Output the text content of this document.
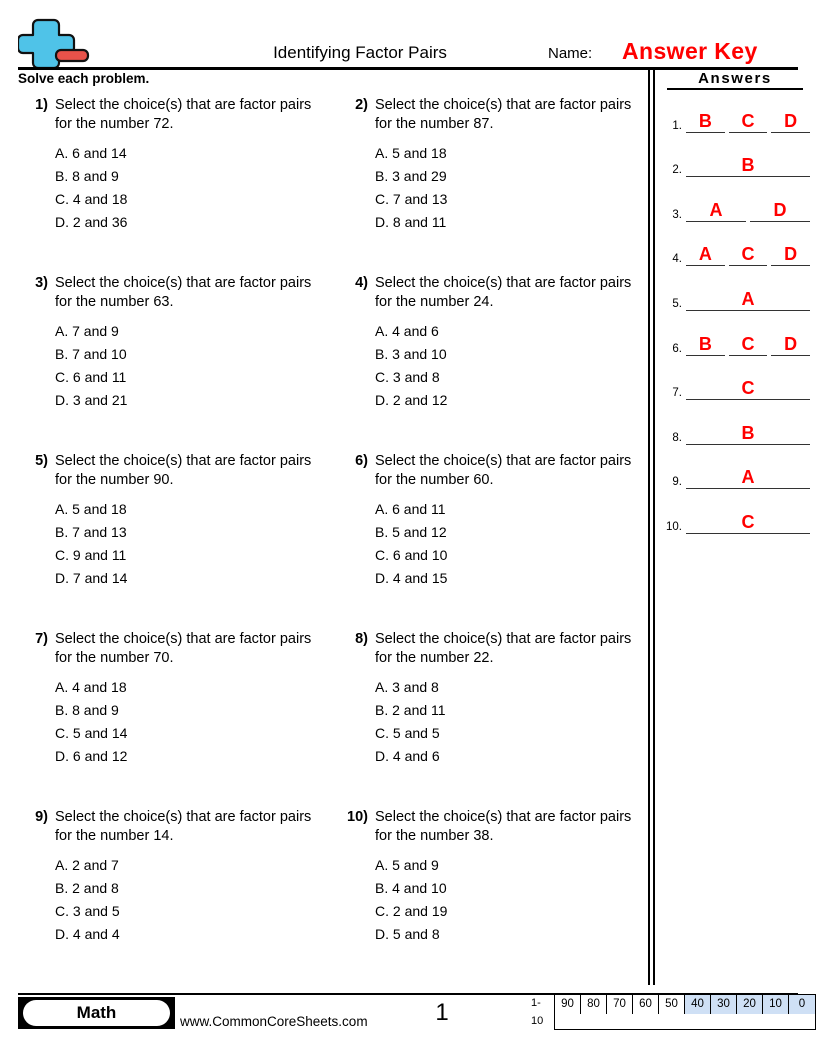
Identifying Factor Pairs	Name: Answer Key
Solve each problem.
1) Select the choice(s) that are factor pairs for the number 72.
A. 6 and 14
B. 8 and 9
C. 4 and 18
D. 2 and 36
2) Select the choice(s) that are factor pairs for the number 87.
A. 5 and 18
B. 3 and 29
C. 7 and 13
D. 8 and 11
3) Select the choice(s) that are factor pairs for the number 63.
A. 7 and 9
B. 7 and 10
C. 6 and 11
D. 3 and 21
4) Select the choice(s) that are factor pairs for the number 24.
A. 4 and 6
B. 3 and 10
C. 3 and 8
D. 2 and 12
5) Select the choice(s) that are factor pairs for the number 90.
A. 5 and 18
B. 7 and 13
C. 9 and 11
D. 7 and 14
6) Select the choice(s) that are factor pairs for the number 60.
A. 6 and 11
B. 5 and 12
C. 6 and 10
D. 4 and 15
7) Select the choice(s) that are factor pairs for the number 70.
A. 4 and 18
B. 8 and 9
C. 5 and 14
D. 6 and 12
8) Select the choice(s) that are factor pairs for the number 22.
A. 3 and 8
B. 2 and 11
C. 5 and 5
D. 4 and 6
9) Select the choice(s) that are factor pairs for the number 14.
A. 2 and 7
B. 2 and 8
C. 3 and 5
D. 4 and 4
10) Select the choice(s) that are factor pairs for the number 38.
A. 5 and 9
B. 4 and 10
C. 2 and 19
D. 5 and 8
Answers
1. B	C	D
2.	B
3.	A	D
4. A	C	D
5.	A
6. B	C	D
7.	C
8.	B
9.	A
10.	C
Math	www.CommonCoreSheets.com	1	1-10
90	80	70	60	50	40	30	20	10	0
